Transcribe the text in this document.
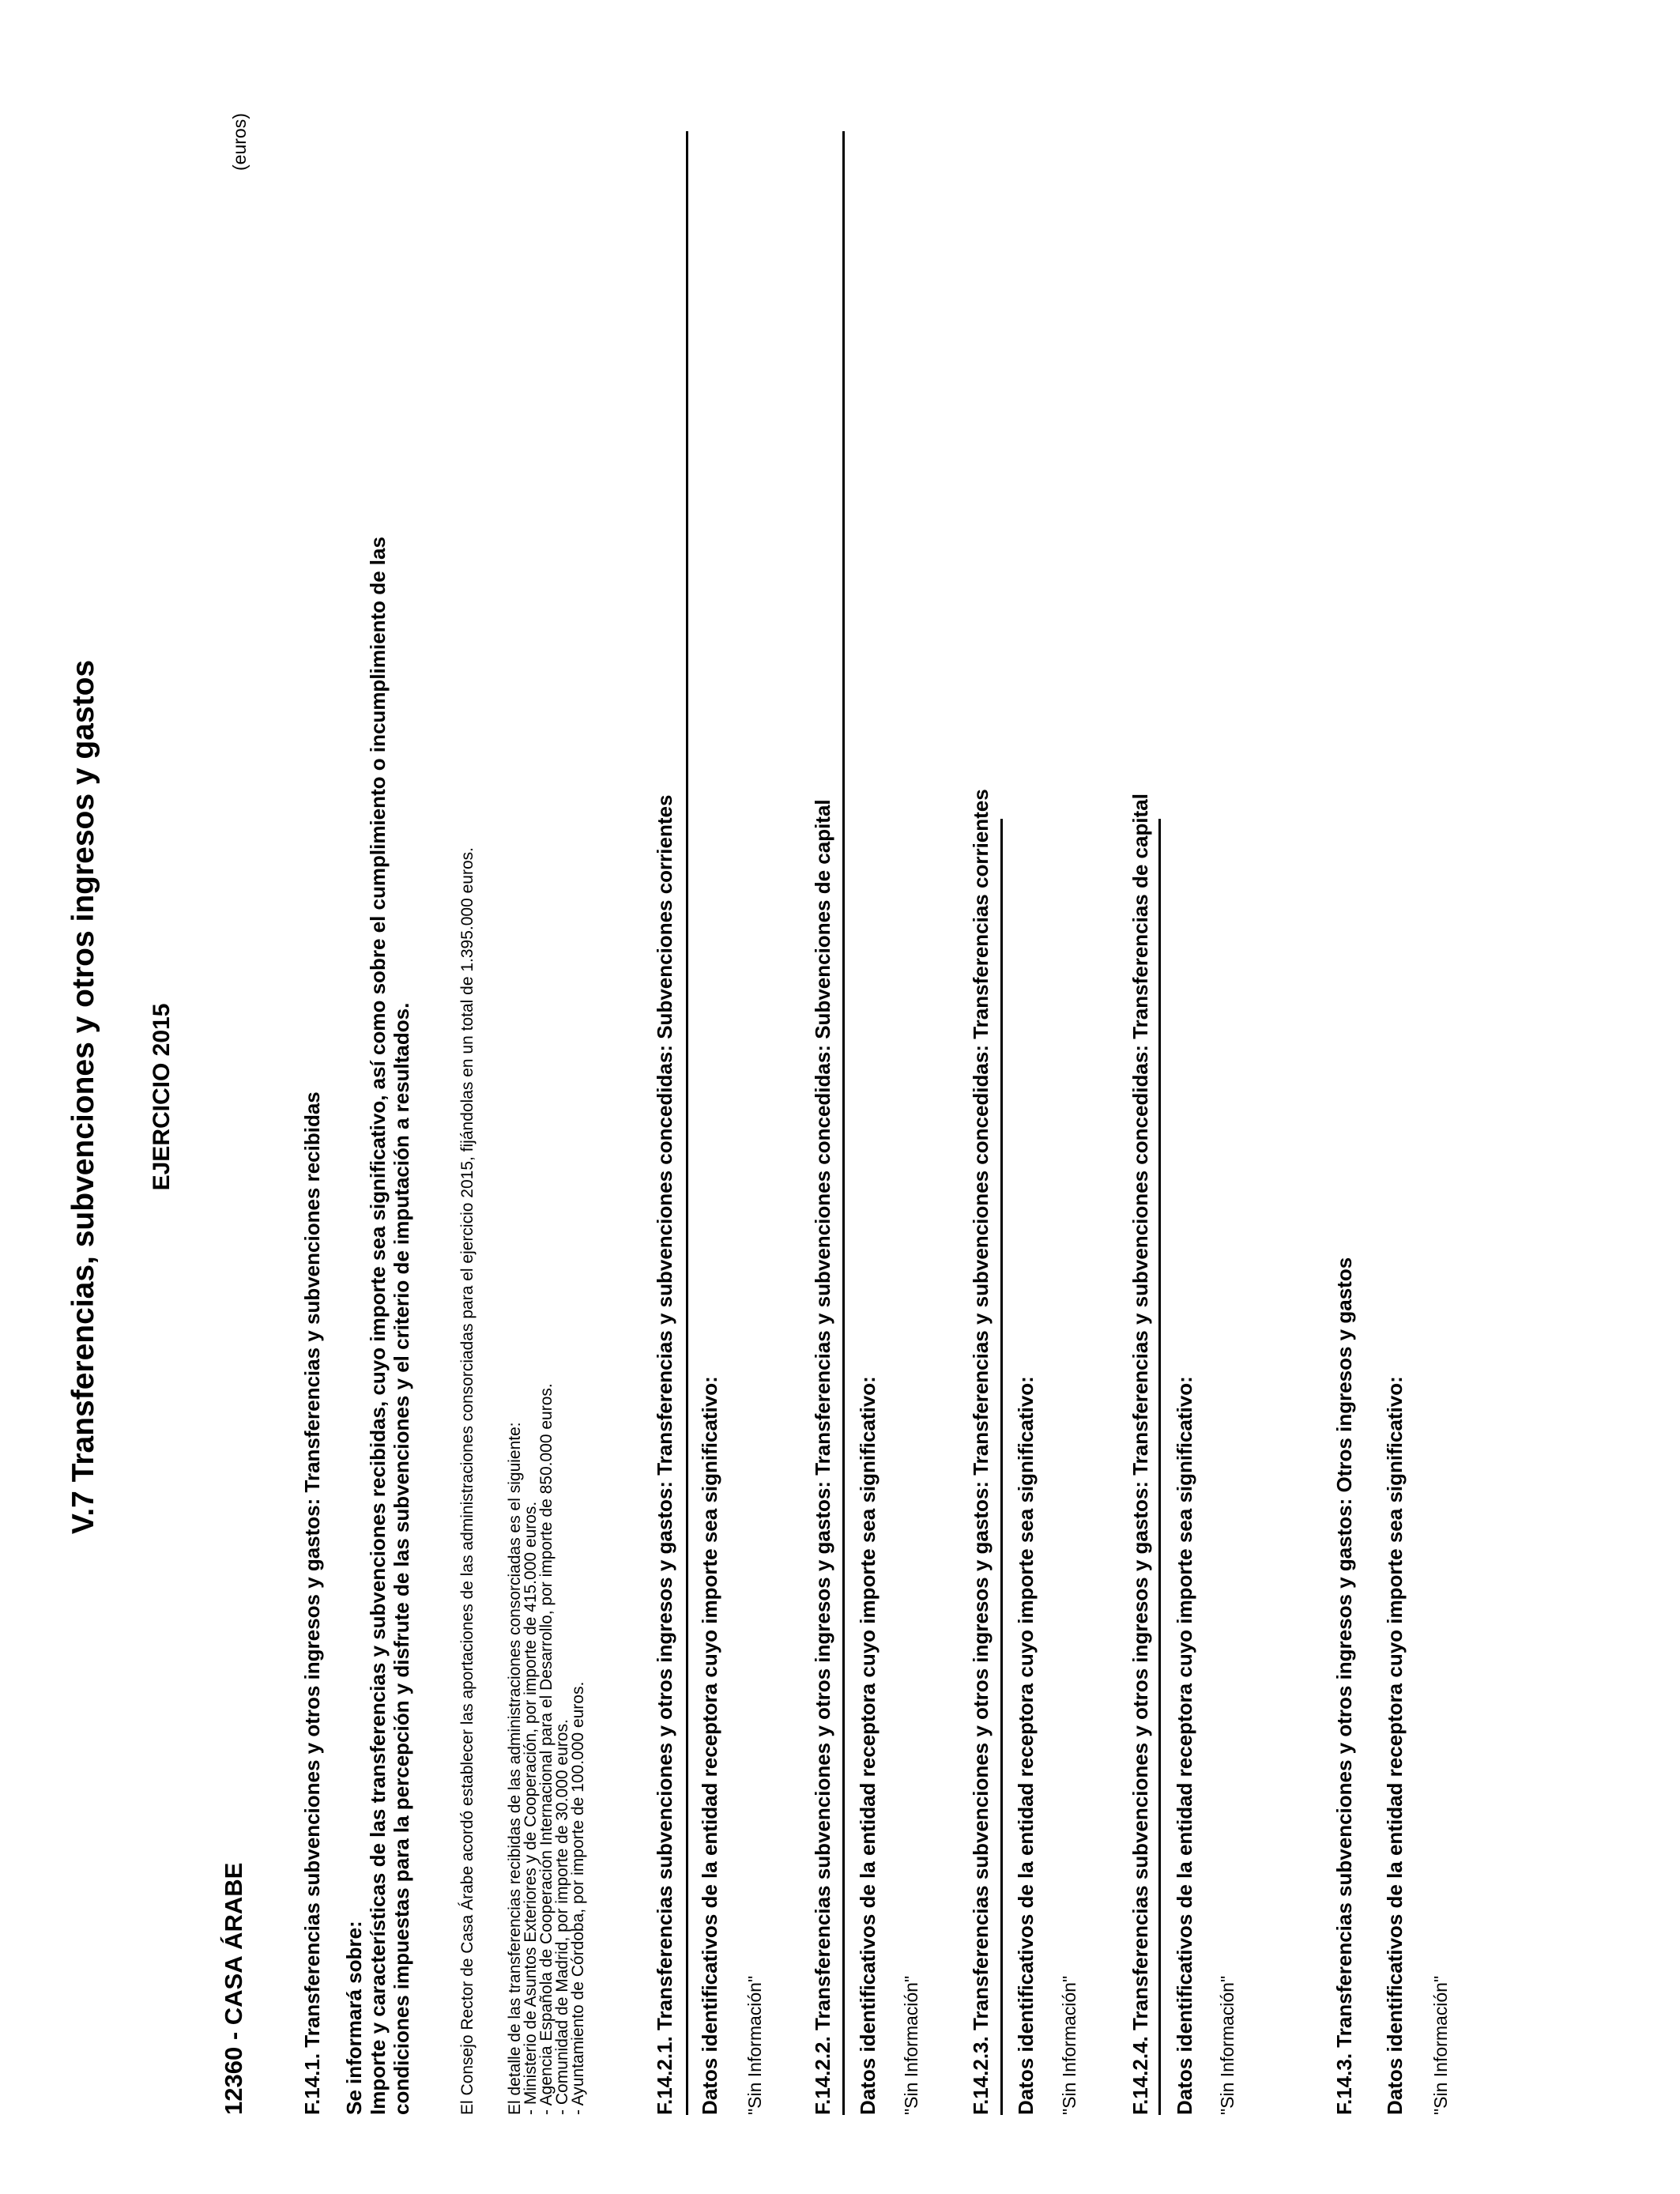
V.7 Transferencias, subvenciones y otros ingresos y gastos EJERCICIO 2015
12360 - CASA ÁRABE
(euros)
F.14.1. Transferencias subvenciones y otros ingresos y gastos: Transferencias y subvenciones recibidas Se informará sobre: Importe y características de las transferencias y subvenciones recibidas, cuyo importe sea significativo, así como sobre el cumplimiento o incumplimiento de las condiciones impuestas para la percepción y disfrute de las subvenciones y el criterio de imputación a resultados.	El Consejo Rector de Casa Árabe acordó establecer las aportaciones de las administraciones consorciadas para el ejercicio 2015, fijándolas en un total de 1.395.000 euros. El detalle de las transferencias recibidas de las administraciones consorciadas es el siguiente:
- Ministerio de Asuntos Exteriores y de Cooperación, por importe de 415.000 euros.
- Agencia Española de Cooperación Internacional para el Desarrollo, por importe de 850.000 euros.
- Comunidad de Madrid, por importe de 30.000 euros.
- Ayuntamiento de Córdoba, por importe de 100.000 euros.	F.14.2.1. Transferencias subvenciones y otros ingresos y gastos: Transferencias y subvenciones concedidas: Subvenciones corrientes Datos identificativos de la entidad receptora cuyo importe sea significativo: "Sin Información" F.14.2.2. Transferencias subvenciones y otros ingresos y gastos: Transferencias y subvenciones concedidas: Subvenciones de capital Datos identificativos de la entidad receptora cuyo importe sea significativo: "Sin Información" F.14.2.3. Transferencias subvenciones y otros ingresos y gastos: Transferencias y subvenciones concedidas: Transferencias corrientes Datos identificativos de la entidad receptora cuyo importe sea significativo: "Sin Información" F.14.2.4. Transferencias subvenciones y otros ingresos y gastos: Transferencias y subvenciones concedidas: Transferencias de capital Datos identificativos de la entidad receptora cuyo importe sea significativo: "Sin Información"	F.14.3. Transferencias subvenciones y otros ingresos y gastos: Otros ingresos y gastos Datos identificativos de la entidad receptora cuyo importe sea significativo: "Sin Información"
